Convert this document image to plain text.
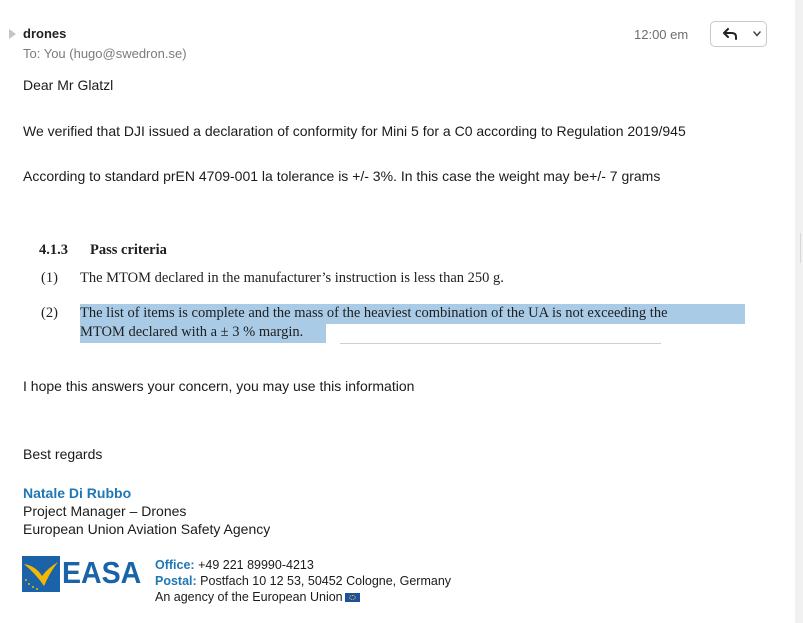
drones
To: You (hugo@swedron.se)
12:00 em
Dear Mr Glatzl
We verified that DJI issued a declaration of conformity for Mini 5 for a C0 according to Regulation 2019/945
According to standard prEN 4709-001 la tolerance is +/- 3%. In this case the weight may be+/- 7 grams
4.1.3 Pass criteria
(1) The MTOM declared in the manufacturer’s instruction is less than 250 g.
(2) The list of items is complete and the mass of the heaviest combination of the UA is not exceeding the
MTOM declared with a ± 3 % margin.
I hope this answers your concern, you may use this information
Best regards
Natale Di Rubbo
Project Manager – Drones
European Union Aviation Safety Agency
EASA Office: +49 221 89990-4213
Postal: Postfach 10 12 53, 50452 Cologne, Germany
An agency of the European Union
